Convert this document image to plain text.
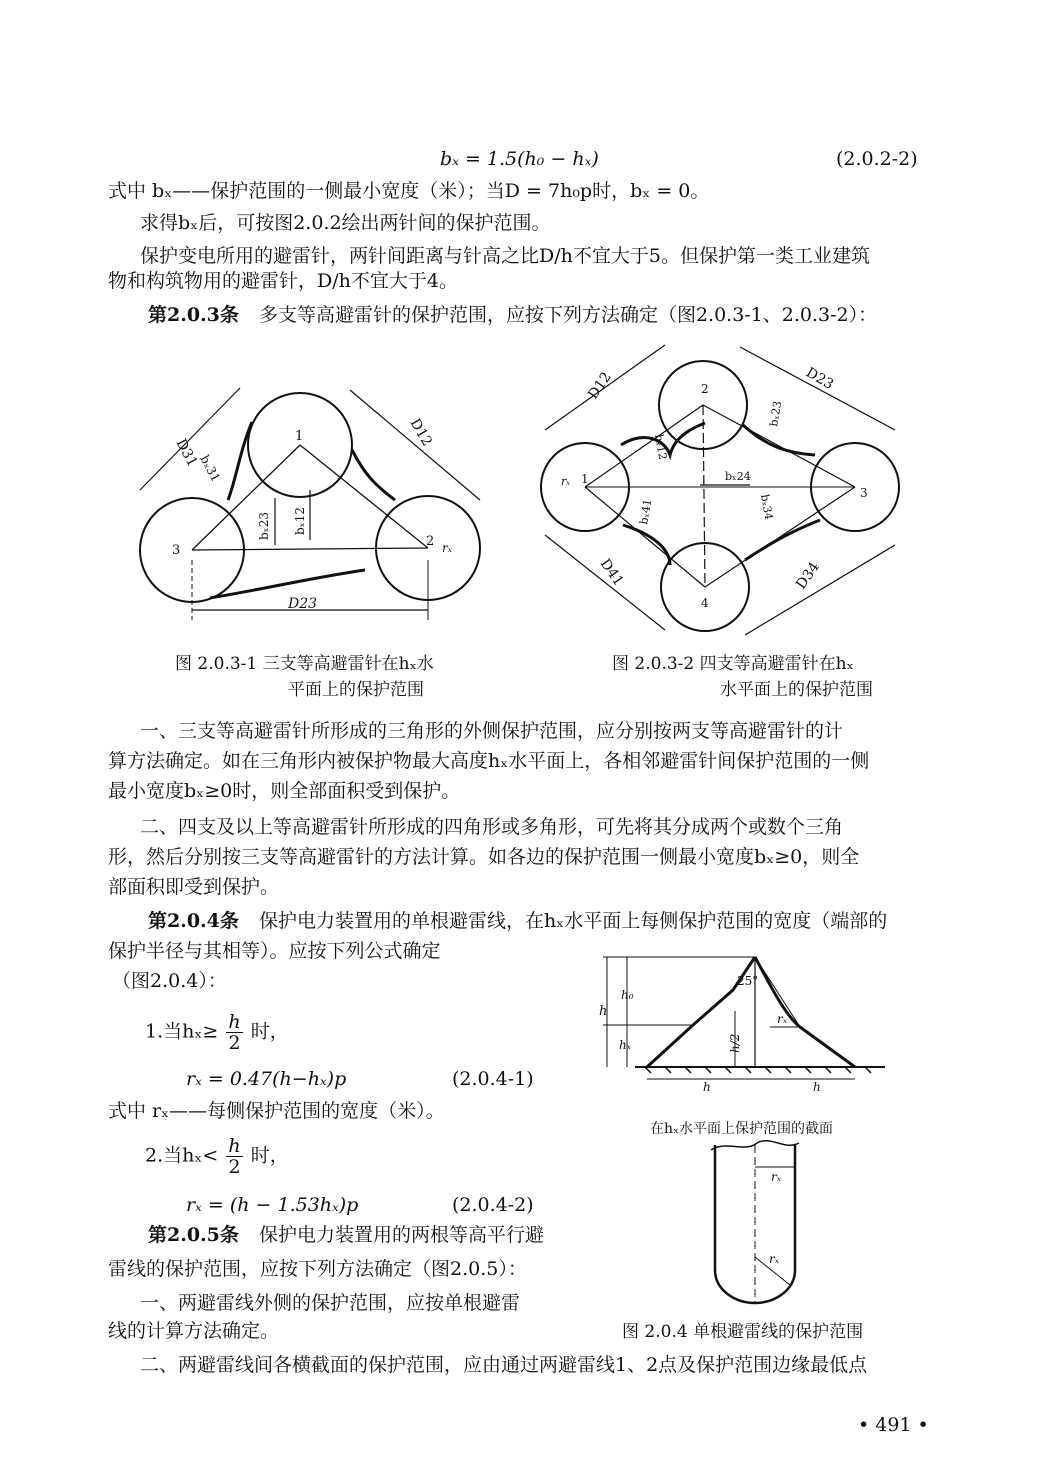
bₓ = 1.5(h₀ − hₓ)	(2.0.2-2)
式中 bₓ——保护范围的一侧最小宽度（米）；当D = 7h₀p时，bₓ = 0。
求得bₓ后，可按图2.0.2绘出两针间的保护范围。
保护变电所用的避雷针，两针间距离与针高之比D/h不宜大于5。但保护第一类工业建筑
物和构筑物用的避雷针，D/h不宜大于4。
第2.0.3条 多支等高避雷针的保护范围，应按下列方法确定（图2.0.3-1、2.0.3-2）：
1
2
3
D31
D12
D23
bₓ31
bₓ23 bₓ12
rₓ
图 2.0.3-1 三支等高避雷针在hₓ水
平面上的保护范围
1
2
3
4
D12	D23
D41	D34
bₓ12
bₓ41
bₓ24
bₓ34
bₓ23
rₓ
图 2.0.3-2 四支等高避雷针在hₓ
水平面上的保护范围
一、三支等高避雷针所形成的三角形的外侧保护范围，应分别按两支等高避雷针的计
算方法确定。如在三角形内被保护物最大高度hₓ水平面上，各相邻避雷针间保护范围的一侧
最小宽度bₓ≥0时，则全部面积受到保护。
二、四支及以上等高避雷针所形成的四角形或多角形，可先将其分成两个或数个三角
形，然后分别按三支等高避雷针的方法计算。如各边的保护范围一侧最小宽度bₓ≥0，则全
部面积即受到保护。
第2.0.4条 保护电力装置用的单根避雷线，在hₓ水平面上每侧保护范围的宽度（端部的
保护半径与其相等）。应按下列公式确定
（图2.0.4）：
1.当$h_x\ge \frac{h}{2}$ 时，
rₓ = 0.47(h−hₓ)p	(2.0.4-1)
式中 rₓ——每侧保护范围的宽度（米）。
2.当$h_x< \frac{h}{2}$ 时，
rₓ = (h − 1.53hₓ)p	(2.0.4-2)
第2.0.5条 保护电力装置用的两根等高平行避
雷线的保护范围，应按下列方法确定（图2.0.5）：
一、两避雷线外侧的保护范围，应按单根避雷
线的计算方法确定。
二、两避雷线间各横截面的保护范围，应由通过两避雷线1、2点及保护范围边缘最低点
25°
h
h₀
hₓ	h/2
rₓ
h	h
rₓ
rₓ
在hₓ水平面上保护范围的截面
图 2.0.4 单根避雷线的保护范围
• 491 •
